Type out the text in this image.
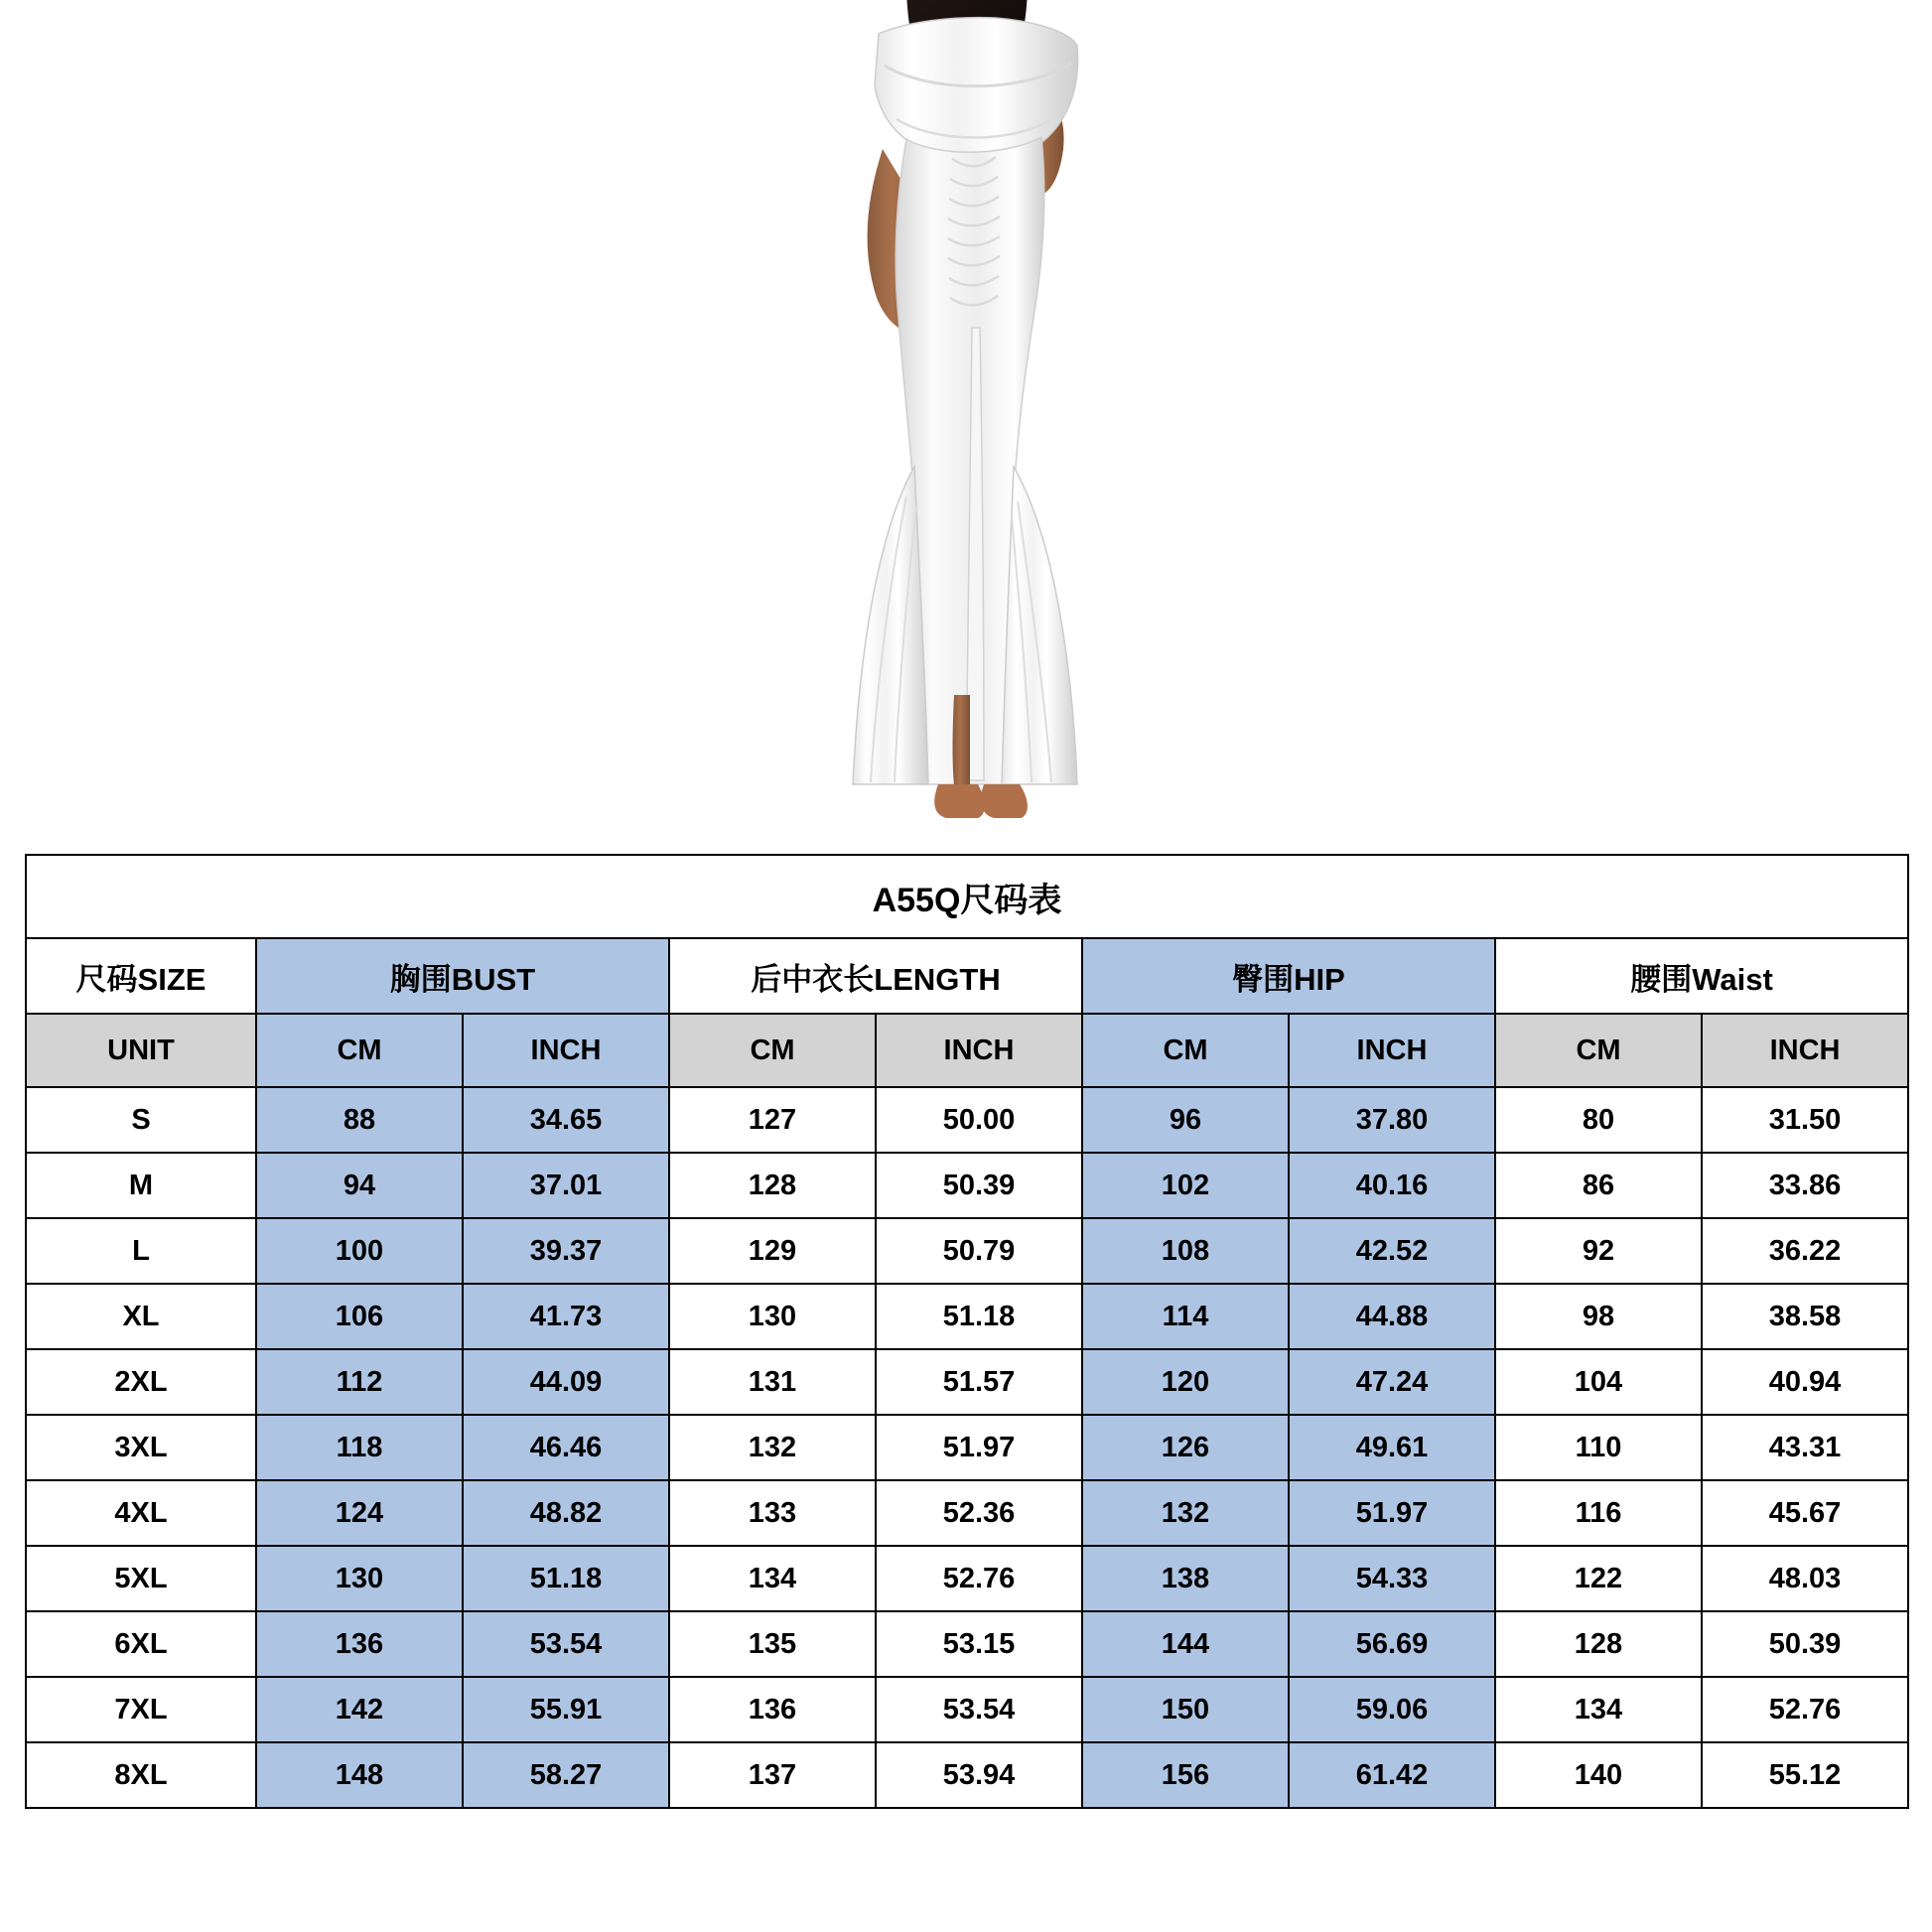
A55Q尺码表								
尺码SIZE	胸围BUST		后中衣长LENGTH		臀围HIP		腰围Waist	
UNIT	CM	INCH	CM	INCH	CM	INCH	CM	INCH
S	88	34.65	127	50.00	96	37.80	80	31.50
M	94	37.01	128	50.39	102	40.16	86	33.86
L	100	39.37	129	50.79	108	42.52	92	36.22
XL	106	41.73	130	51.18	114	44.88	98	38.58
2XL	112	44.09	131	51.57	120	47.24	104	40.94
3XL	118	46.46	132	51.97	126	49.61	110	43.31
4XL	124	48.82	133	52.36	132	51.97	116	45.67
5XL	130	51.18	134	52.76	138	54.33	122	48.03
6XL	136	53.54	135	53.15	144	56.69	128	50.39
7XL	142	55.91	136	53.54	150	59.06	134	52.76
8XL	148	58.27	137	53.94	156	61.42	140	55.12
